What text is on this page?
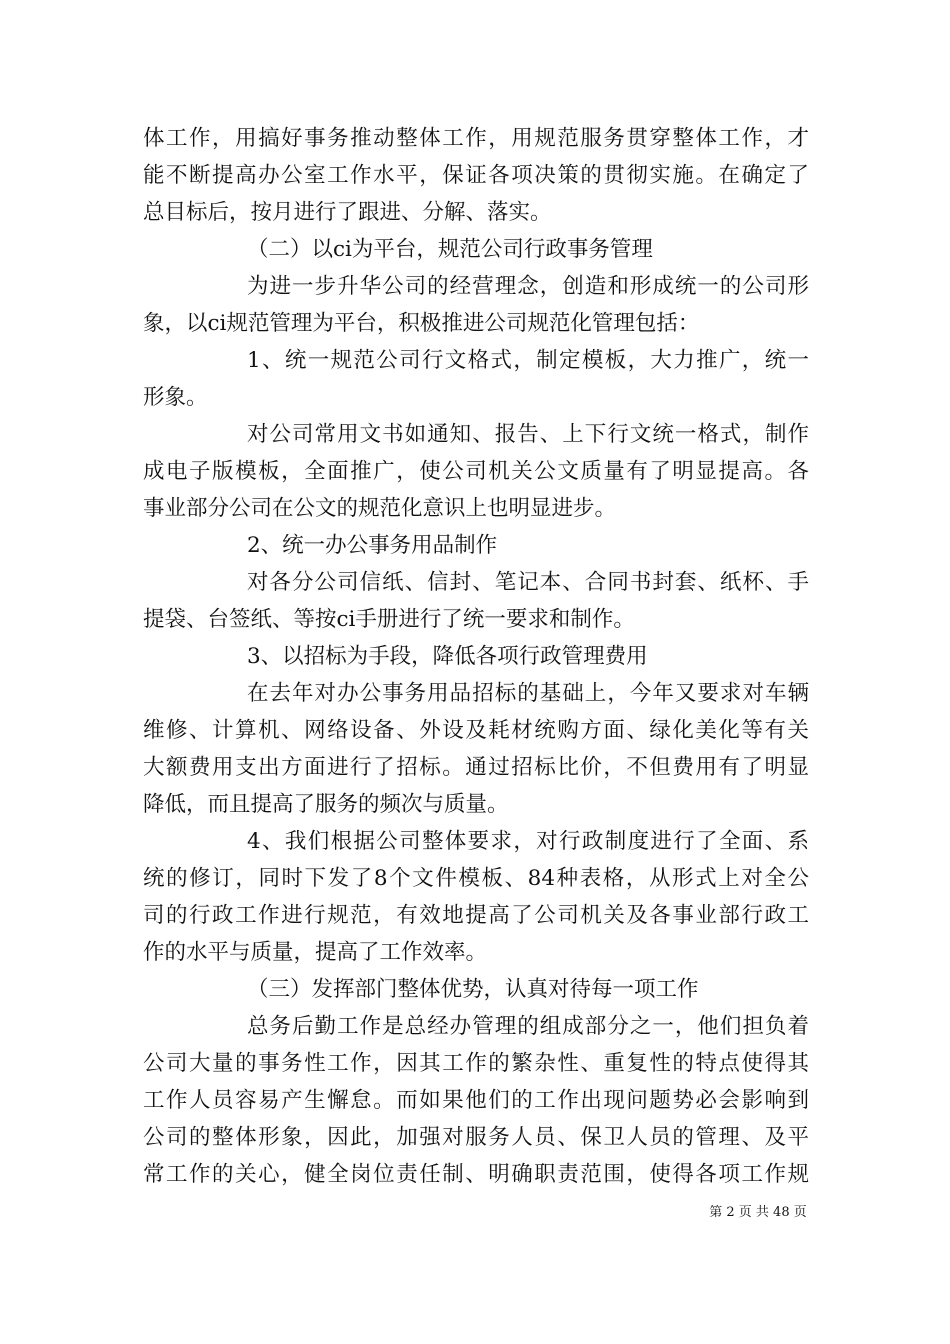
体工作，用搞好事务推动整体工作，用规范服务贯穿整体工作，才
能不断提高办公室工作水平，保证各项决策的贯彻实施。在确定了
总目标后，按月进行了跟进、分解、落实。
（二）以ci为平台，规范公司行政事务管理
为进一步升华公司的经营理念，创造和形成统一的公司形
象，以ci规范管理为平台，积极推进公司规范化管理包括：
1、统一规范公司行文格式，制定模板，大力推广，统一
形象。
对公司常用文书如通知、报告、上下行文统一格式，制作
成电子版模板，全面推广，使公司机关公文质量有了明显提高。各
事业部分公司在公文的规范化意识上也明显进步。
2、统一办公事务用品制作
对各分公司信纸、信封、笔记本、合同书封套、纸杯、手
提袋、台签纸、等按ci手册进行了统一要求和制作。
3、以招标为手段，降低各项行政管理费用
在去年对办公事务用品招标的基础上，今年又要求对车辆
维修、计算机、网络设备、外设及耗材统购方面、绿化美化等有关
大额费用支出方面进行了招标。通过招标比价，不但费用有了明显
降低，而且提高了服务的频次与质量。
4、我们根据公司整体要求，对行政制度进行了全面、系
统的修订，同时下发了8个文件模板、84种表格，从形式上对全公
司的行政工作进行规范，有效地提高了公司机关及各事业部行政工
作的水平与质量，提高了工作效率。
（三）发挥部门整体优势，认真对待每一项工作
总务后勤工作是总经办管理的组成部分之一，他们担负着
公司大量的事务性工作，因其工作的繁杂性、重复性的特点使得其
工作人员容易产生懈怠。而如果他们的工作出现问题势必会影响到
公司的整体形象，因此，加强对服务人员、保卫人员的管理、及平
常工作的关心，健全岗位责任制、明确职责范围，使得各项工作规
第 2 页 共 48 页
